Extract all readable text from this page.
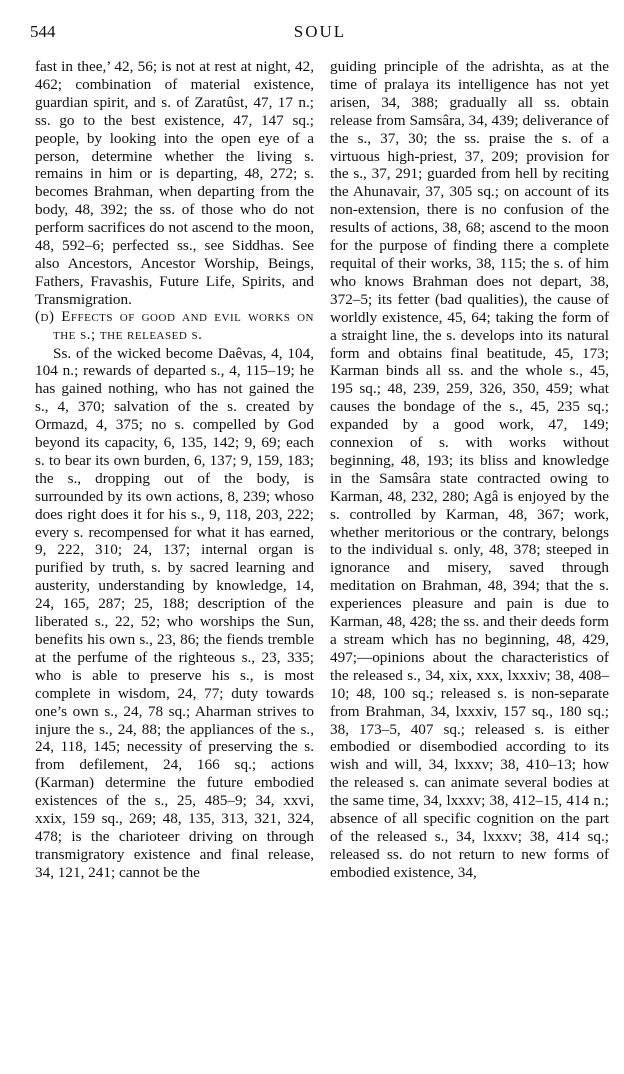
544	SOUL

fast in thee,’ 42, 56; is not at rest at night, 42, 462; combination of material existence, guardian spirit, and s. of Zaratûst, 47, 17 n.; ss. go to the best existence, 47, 147 sq.; people, by looking into the open eye of a person, determine whether the living s. remains in him or is departing, 48, 272; s. becomes Brahman, when departing from the body, 48, 392; the ss. of those who do not perform sacrifices do not ascend to the moon, 48, 592–6; perfected ss., see Siddhas. See also Ancestors, Ancestor Worship, Beings, Fathers, Fravashis, Future Life, Spirits, and Transmigration.

(d) Effects of good and evil works on the s.; the released s.

Ss. of the wicked become Daêvas, 4, 104, 104 n.; rewards of departed s., 4, 115–19; he has gained nothing, who has not gained the s., 4, 370; salvation of the s. created by Ormazd, 4, 375; no s. compelled by God beyond its capacity, 6, 135, 142; 9, 69; each s. to bear its own burden, 6, 137; 9, 159, 183; the s., dropping out of the body, is surrounded by its own actions, 8, 239; whoso does right does it for his s., 9, 118, 203, 222; every s. recompensed for what it has earned, 9, 222, 310; 24, 137; internal organ is purified by truth, s. by sacred learning and austerity, understanding by knowledge, 14, 24, 165, 287; 25, 188; description of the liberated s., 22, 52; who worships the Sun, benefits his own s., 23, 86; the fiends tremble at the perfume of the righteous s., 23, 335; who is able to preserve his s., is most complete in wisdom, 24, 77; duty towards one’s own s., 24, 78 sq.; Aharman strives to injure the s., 24, 88; the appliances of the s., 24, 118, 145; necessity of preserving the s. from defilement, 24, 166 sq.; actions (Karman) determine the future embodied existences of the s., 25, 485–9; 34, xxvi, xxix, 159 sq., 269; 48, 135, 313, 321, 324, 478; is the charioteer driving on through transmigratory existence and final release, 34, 121, 241; cannot be the

guiding principle of the adrishta, as at the time of pralaya its intelligence has not yet arisen, 34, 388; gradually all ss. obtain release from Samsâra, 34, 439; deliverance of the s., 37, 30; the ss. praise the s. of a virtuous high-priest, 37, 209; provision for the s., 37, 291; guarded from hell by reciting the Ahunavair, 37, 305 sq.; on account of its non-extension, there is no confusion of the results of actions, 38, 68; ascend to the moon for the purpose of finding there a complete requital of their works, 38, 115; the s. of him who knows Brahman does not depart, 38, 372–5; its fetter (bad qualities), the cause of worldly existence, 45, 64; taking the form of a straight line, the s. develops into its natural form and obtains final beatitude, 45, 173; Karman binds all ss. and the whole s., 45, 195 sq.; 48, 239, 259, 326, 350, 459; what causes the bondage of the s., 45, 235 sq.; expanded by a good work, 47, 149; connexion of s. with works without beginning, 48, 193; its bliss and knowledge in the Samsâra state contracted owing to Karman, 48, 232, 280; Agâ is enjoyed by the s. controlled by Karman, 48, 367; work, whether meritorious or the contrary, belongs to the individual s. only, 48, 378; steeped in ignorance and misery, saved through meditation on Brahman, 48, 394; that the s. experiences pleasure and pain is due to Karman, 48, 428; the ss. and their deeds form a stream which has no beginning, 48, 429, 497;—opinions about the characteristics of the released s., 34, xix, xxx, lxxxiv; 38, 408–10; 48, 100 sq.; released s. is non-separate from Brahman, 34, lxxxiv, 157 sq., 180 sq.; 38, 173–5, 407 sq.; released s. is either embodied or disembodied according to its wish and will, 34, lxxxv; 38, 410–13; how the released s. can animate several bodies at the same time, 34, lxxxv; 38, 412–15, 414 n.; absence of all specific cognition on the part of the released s., 34, lxxxv; 38, 414 sq.; released ss. do not return to new forms of embodied existence, 34,
